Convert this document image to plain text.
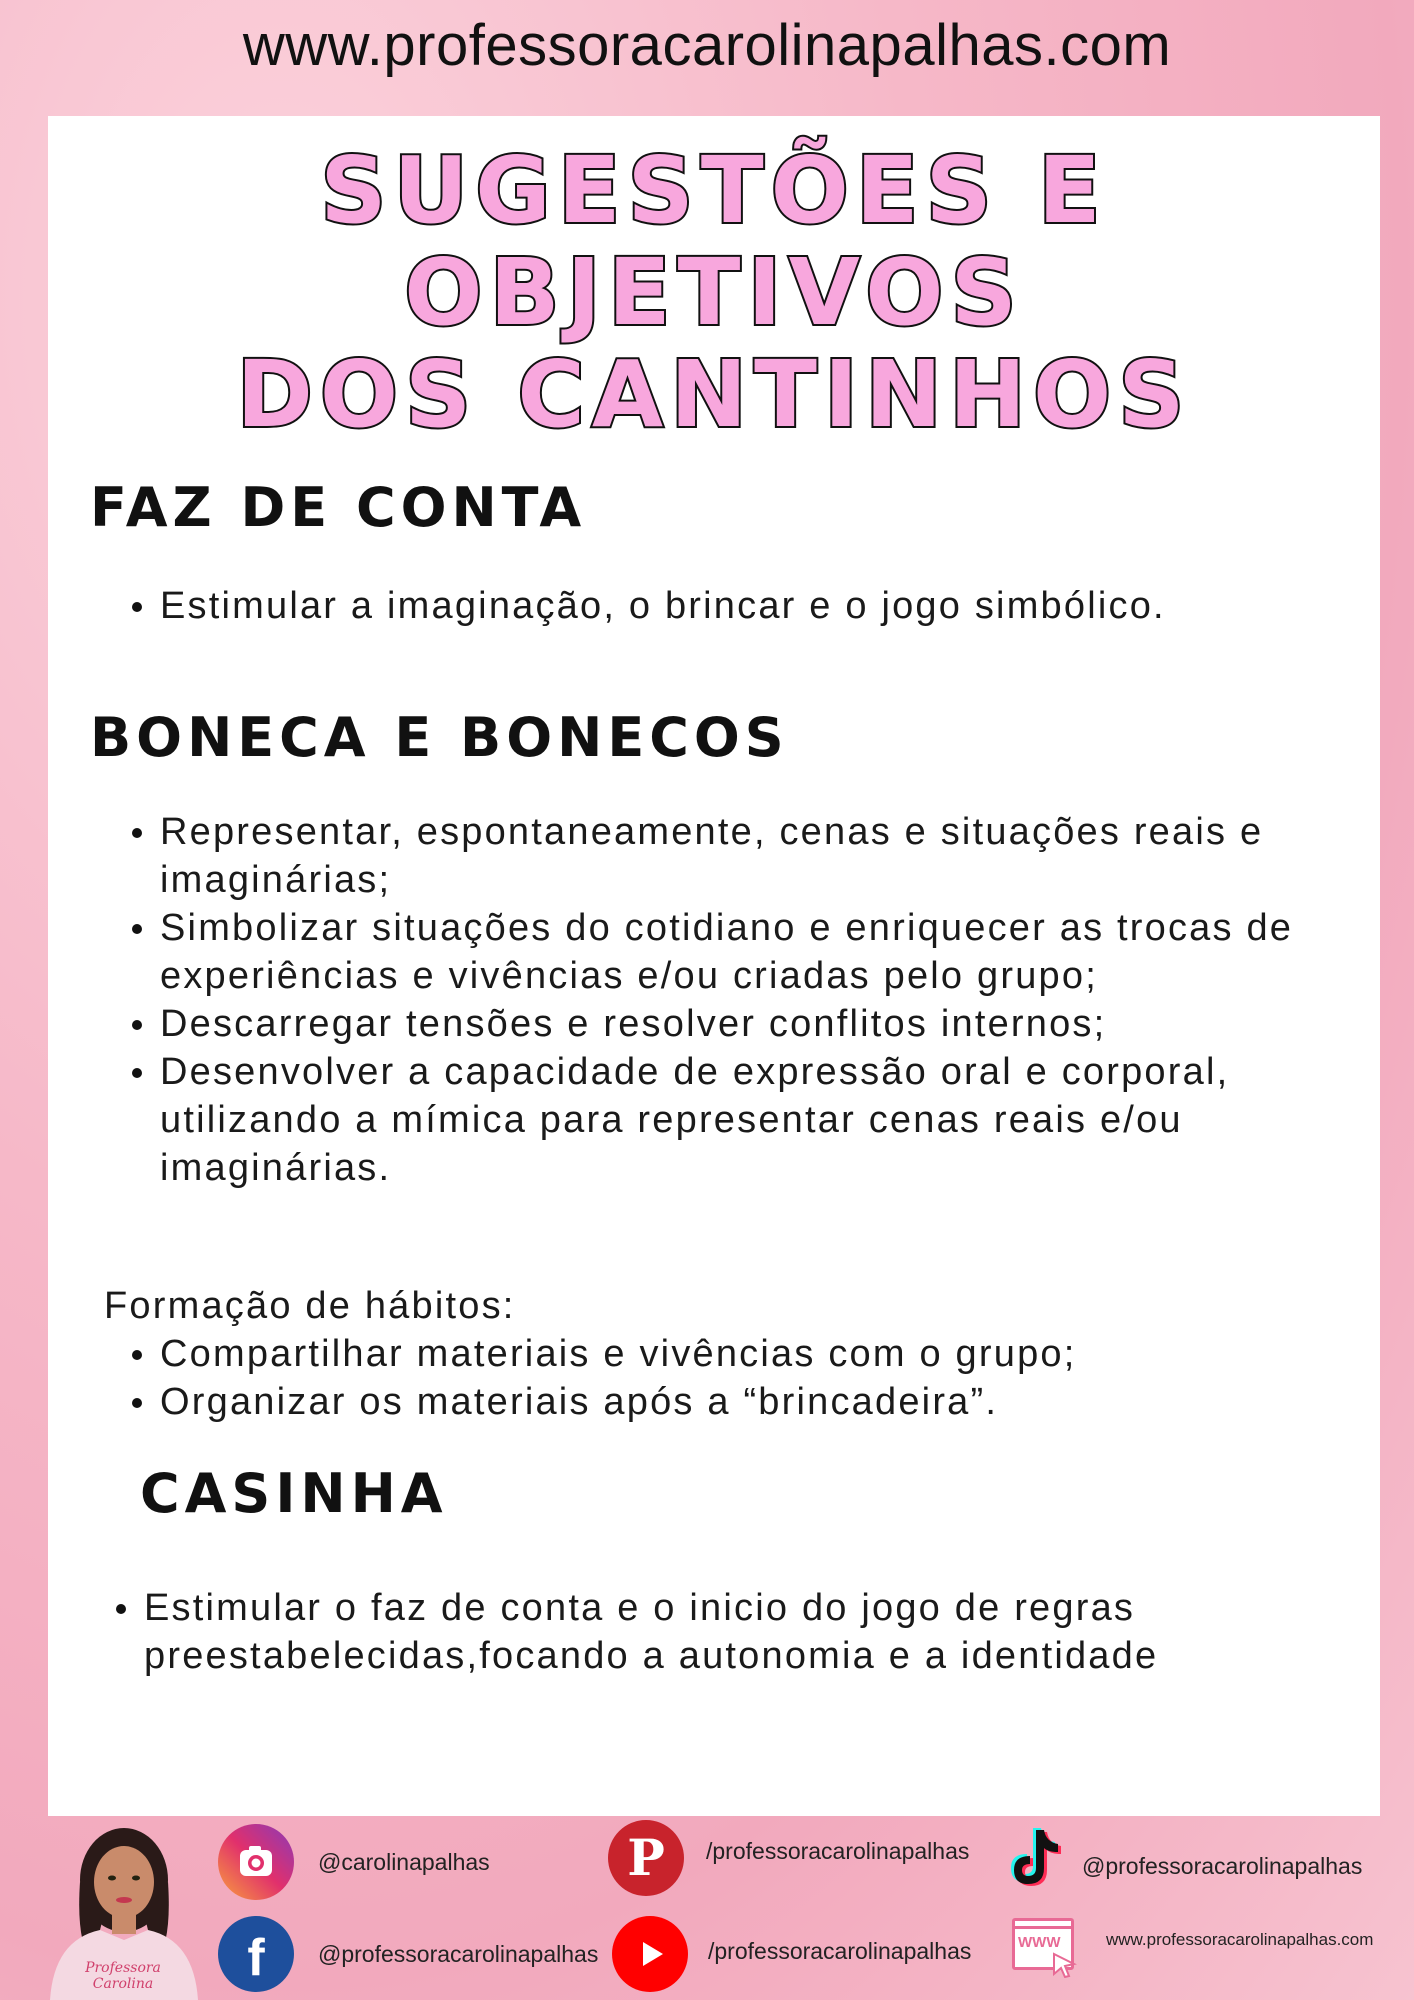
www.professoracarolinapalhas.com
SUGESTÕES E OBJETIVOS
DOS CANTINHOS
FAZ DE CONTA
Estimular a imaginação, o brincar e o jogo simbólico.
BONECA E BONECOS
Representar, espontaneamente, cenas e situações reais e imaginárias;
Simbolizar situações do cotidiano e enriquecer as trocas de experiências e vivências e/ou criadas pelo grupo;
Descarregar tensões e resolver conflitos internos;
Desenvolver a capacidade de expressão oral e corporal, utilizando a mímica para representar cenas reais e/ou imaginárias.

Formação de hábitos:

Compartilhar materiais e vivências com o grupo;
Organizar os materiais após a “brincadeira”.
CASINHA
Estimular o faz de conta e o inicio do jogo de regras preestabelecidas,focando a autonomia e a identidade
Professora Carolina
@carolinapalhas	P /professoracarolinapalhas
@professoracarolinapalhas
f @professoracarolinapalhas	/professoracarolinapalhas	WWW	www.professoracarolinapalhas.com
